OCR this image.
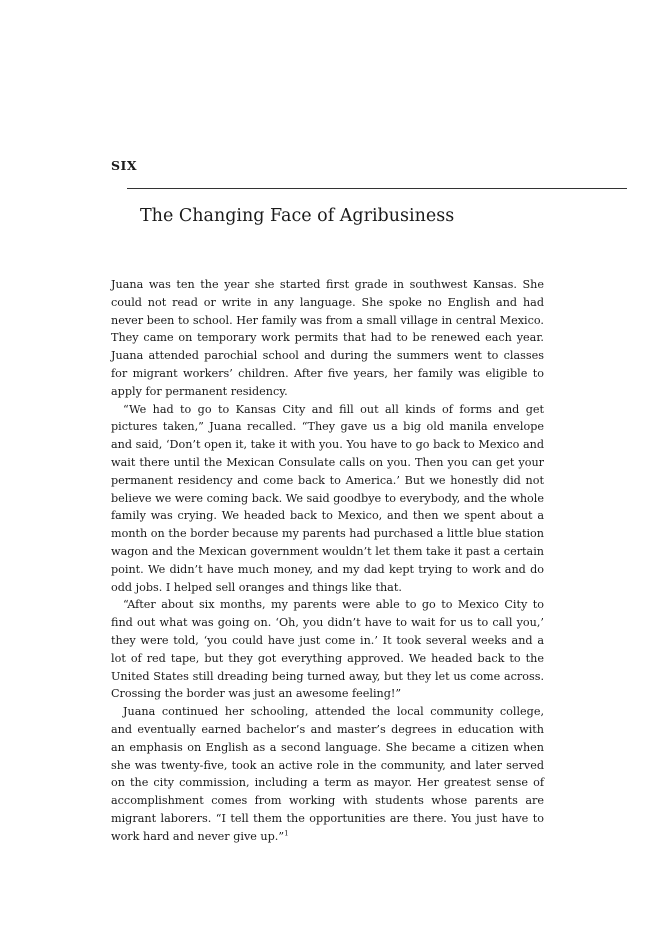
SIX
The Changing Face of Agribusiness

Juana was ten the year she started first grade in southwest Kansas. She could not read or write in any language. She spoke no English and had never been to school. Her family was from a small village in central Mexico. They came on temporary work permits that had to be renewed each year. Juana attended parochial school and during the summers went to classes for migrant workers’ children. After five years, her family was eligible to apply for permanent residency.

“We had to go to Kansas City and fill out all kinds of forms and get pictures taken,” Juana recalled. “They gave us a big old manila envelope and said, ‘Don’t open it, take it with you. You have to go back to Mexico and wait there until the Mexican Consulate calls on you. Then you can get your permanent residency and come back to America.’ But we honestly did not believe we were coming back. We said goodbye to everybody, and the whole family was crying. We headed back to Mexico, and then we spent about a month on the border because my parents had purchased a little blue station wagon and the Mexican government wouldn’t let them take it past a certain point. We didn’t have much money, and my dad kept trying to work and do odd jobs. I helped sell oranges and things like that.

“After about six months, my parents were able to go to Mexico City to find out what was going on. ‘Oh, you didn’t have to wait for us to call you,’ they were told, ‘you could have just come in.’ It took several weeks and a lot of red tape, but they got everything approved. We headed back to the United States still dreading being turned away, but they let us come across. Crossing the border was just an awesome feeling!”

Juana continued her schooling, attended the local community college, and eventually earned bachelor’s and master’s degrees in education with an emphasis on English as a second language. She became a citizen when she was twenty-five, took an active role in the community, and later served on the city commission, including a term as mayor. Her greatest sense of accomplishment comes from working with students whose parents are migrant laborers. “I tell them the opportunities are there. You just have to work hard and never give up.”$^1$
